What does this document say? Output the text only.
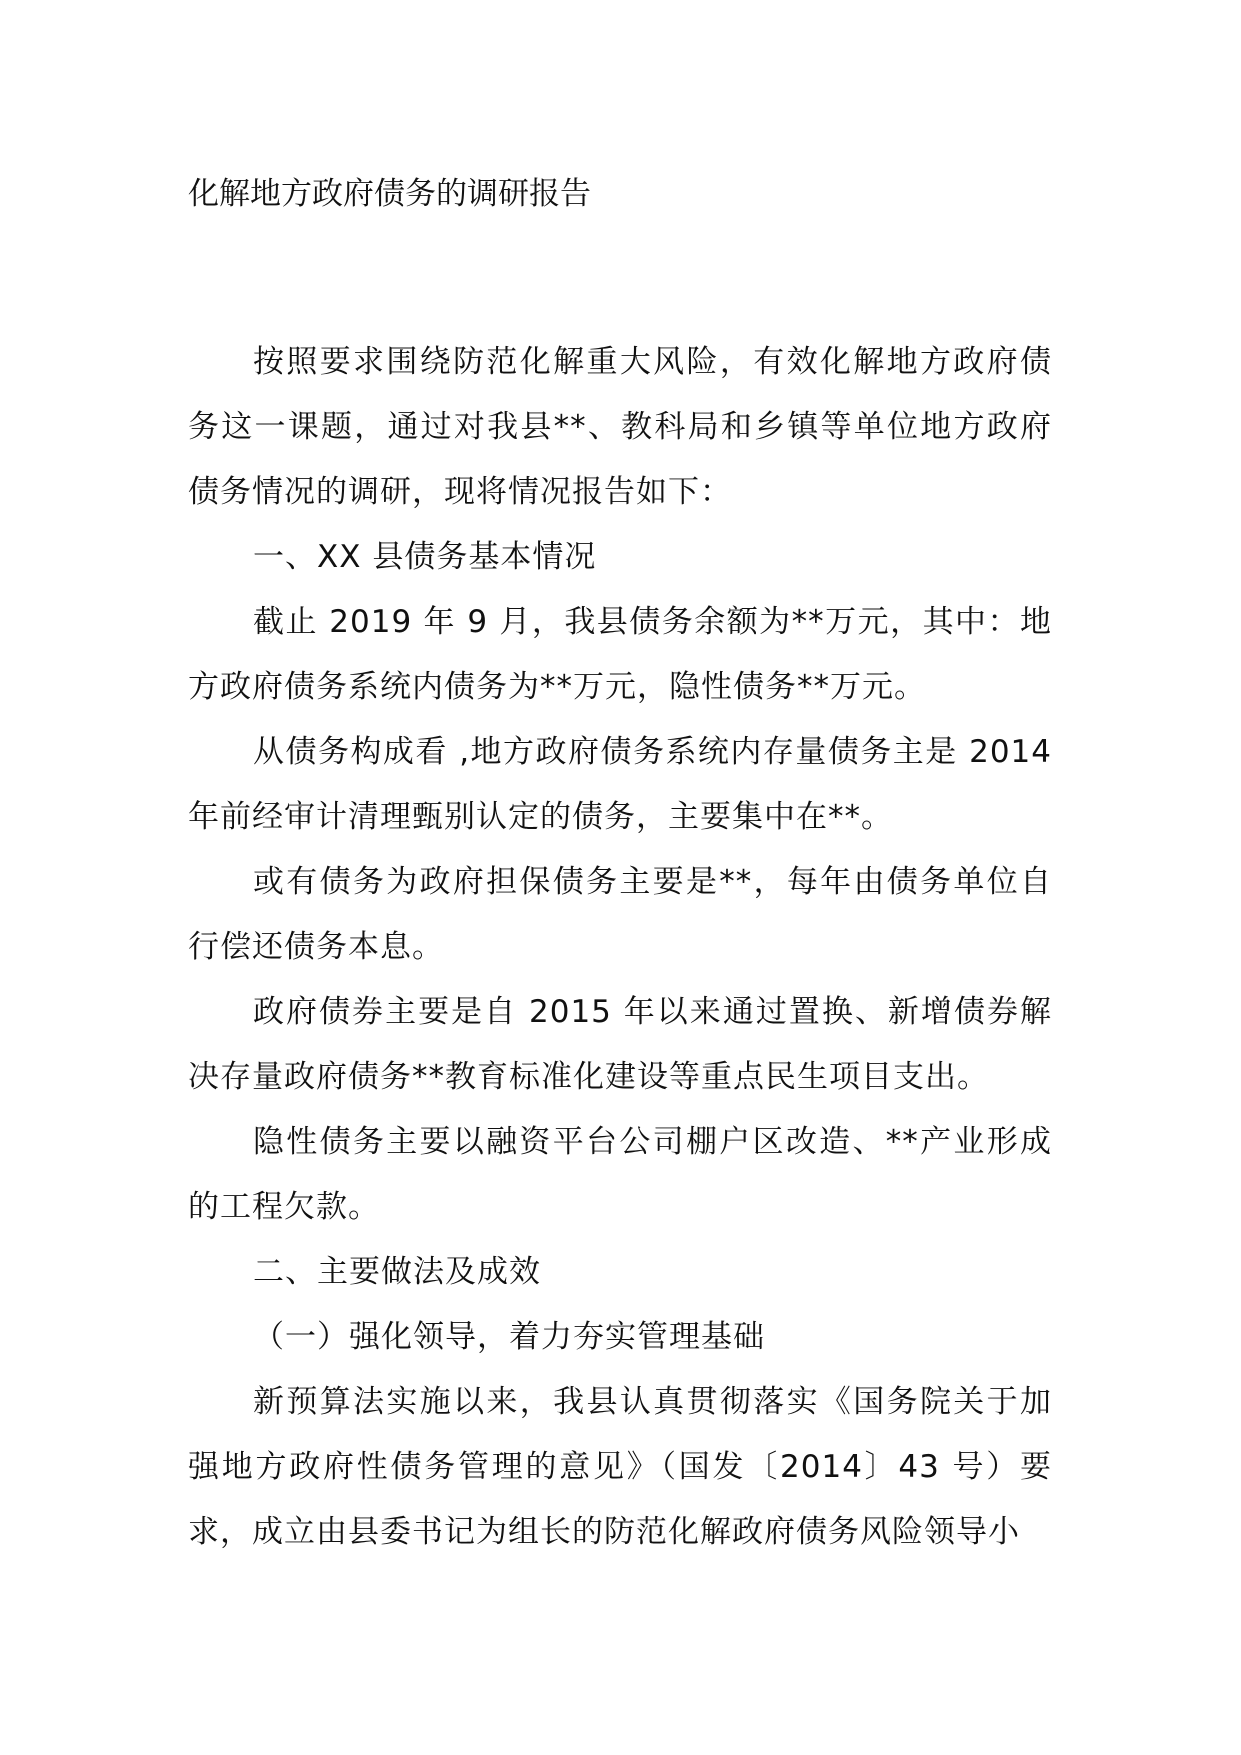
化解地方政府债务的调研报告

按照要求围绕防范化解重大风险，有效化解地方政府债务这一课题，通过对我县**、教科局和乡镇等单位地方政府债务情况的调研，现将情况报告如下：

一、XX 县债务基本情况

截止 2019 年 9 月，我县债务余额为**万元，其中：地方政府债务系统内债务为**万元，隐性债务**万元。

从债务构成看 ,地方政府债务系统内存量债务主是 2014 年前经审计清理甄别认定的债务，主要集中在**。

或有债务为政府担保债务主要是**，每年由债务单位自行偿还债务本息。

政府债券主要是自 2015 年以来通过置换、新增债券解决存量政府债务**教育标准化建设等重点民生项目支出。

隐性债务主要以融资平台公司棚户区改造、**产业形成的工程欠款。

二、主要做法及成效

（一）强化领导，着力夯实管理基础

新预算法实施以来，我县认真贯彻落实《国务院关于加强地方政府性债务管理的意见》（国发〔2014〕43 号）要求，成立由县委书记为组长的防范化解政府债务风险领导小
